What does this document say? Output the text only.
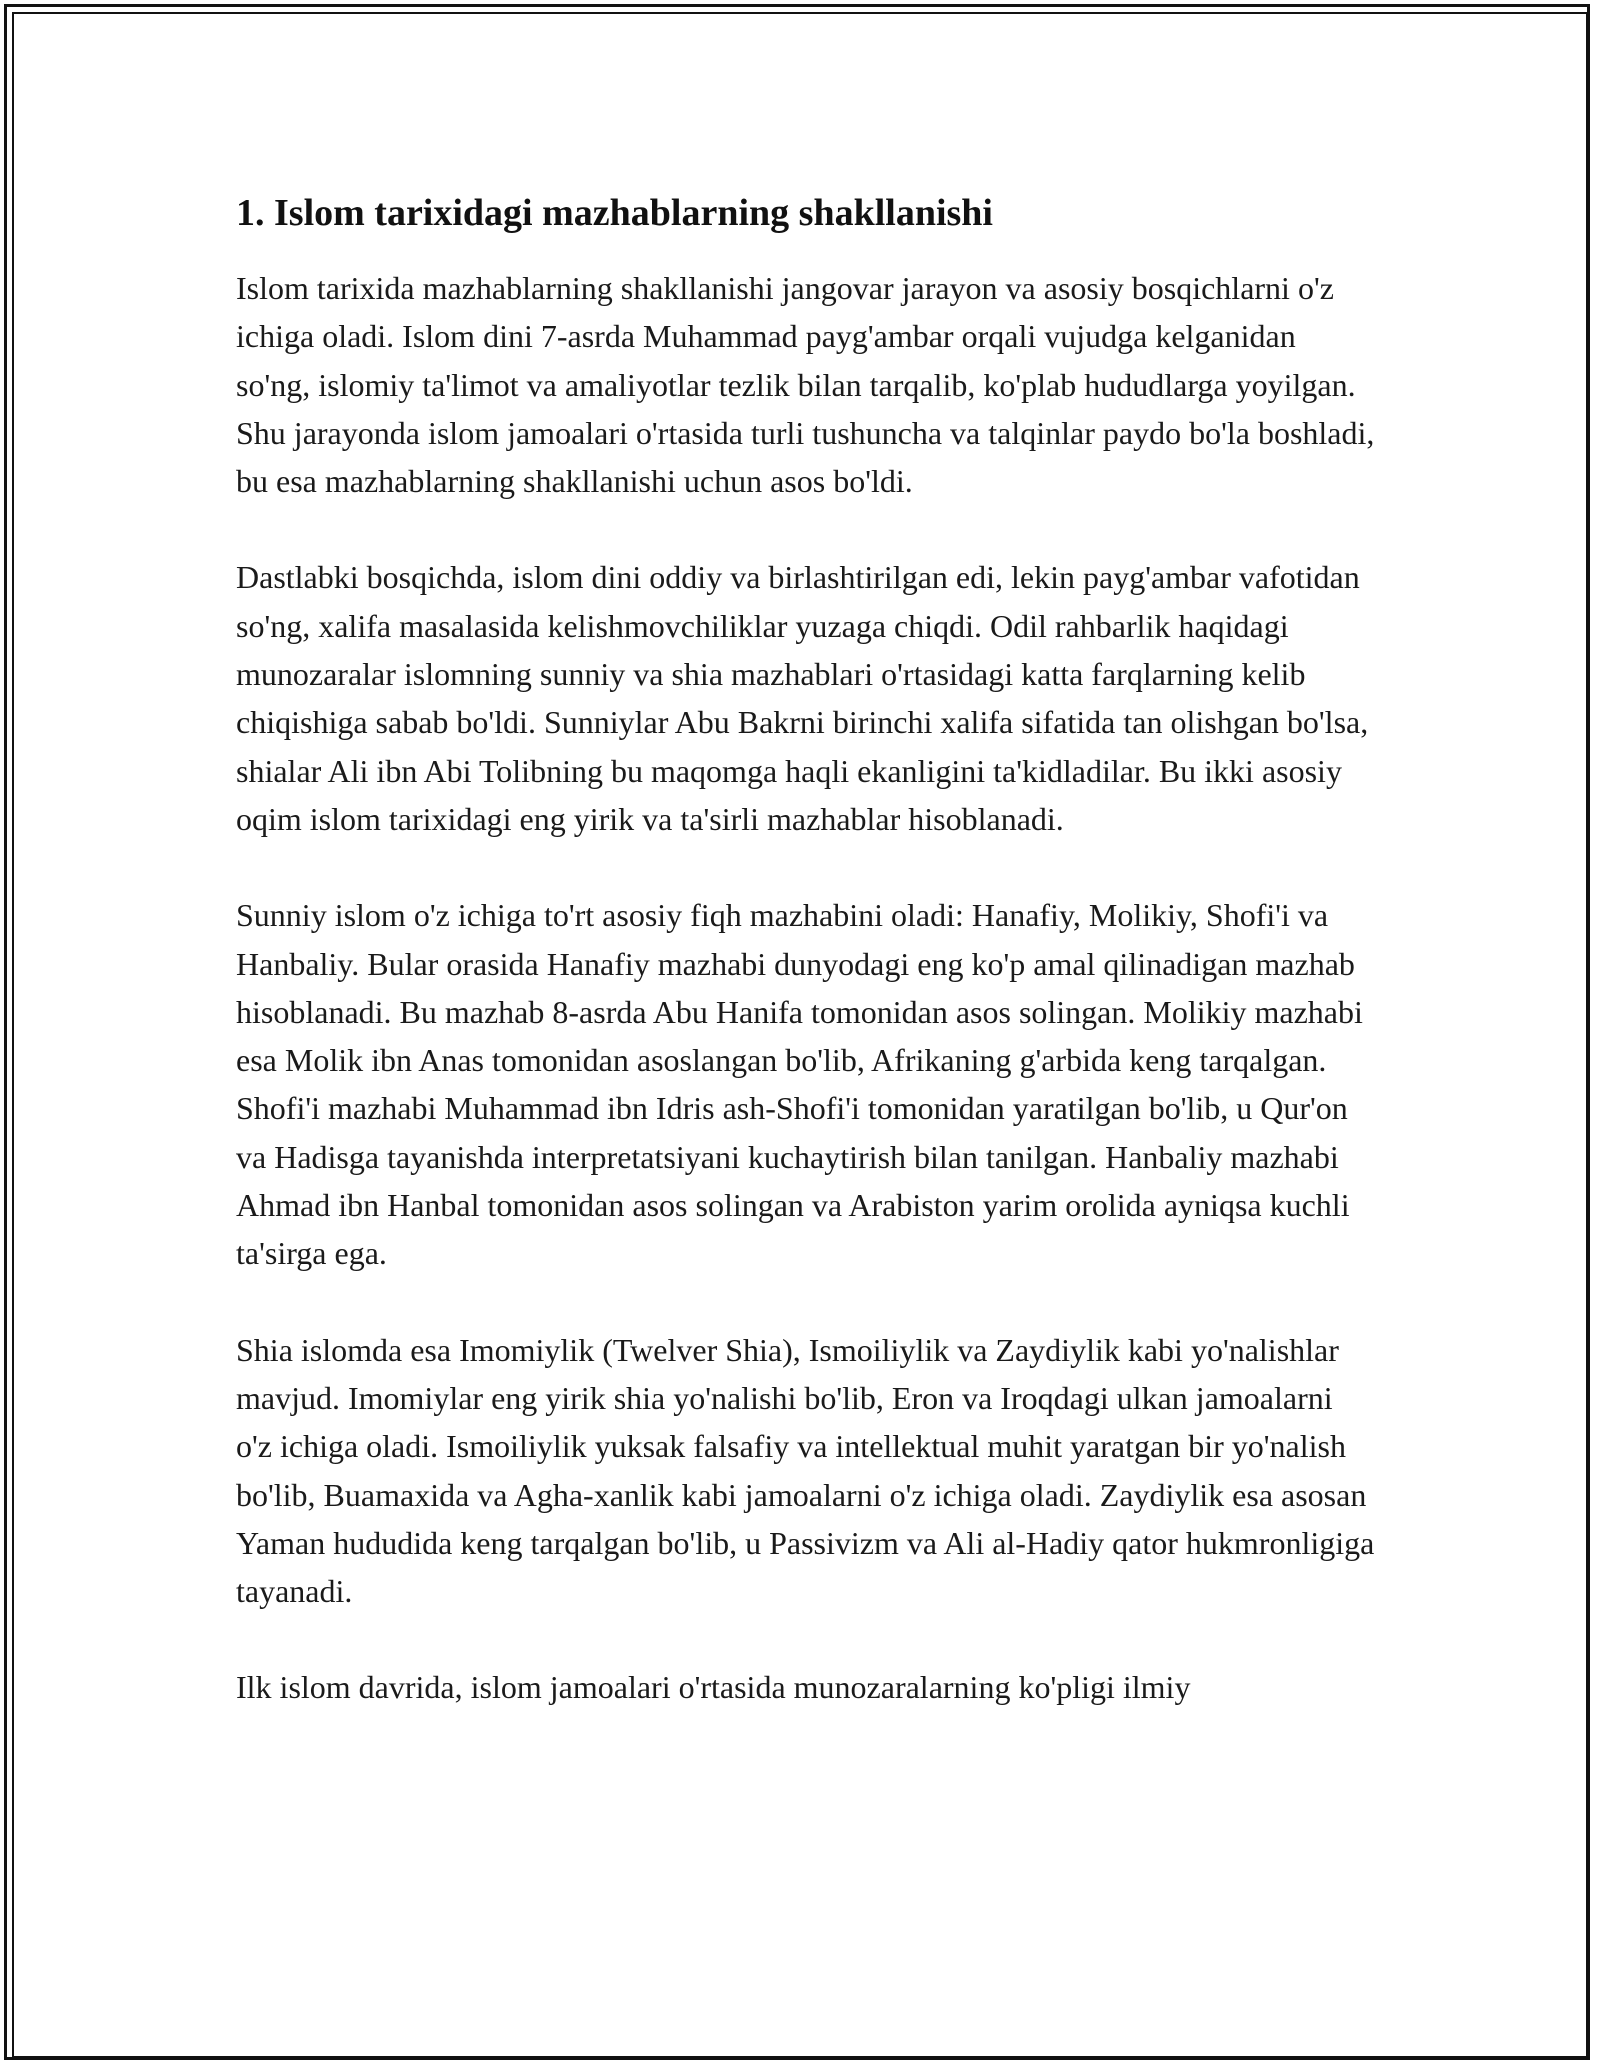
1. Islom tarixidagi mazhablarning shakllanishi

Islom tarixida mazhablarning shakllanishi jangovar jarayon va asosiy bosqichlarni o'z ichiga oladi. Islom dini 7-asrda Muhammad payg'ambar orqali vujudga kelganidan so'ng, islomiy ta'limot va amaliyotlar tezlik bilan tarqalib, ko'plab hududlarga yoyilgan. Shu jarayonda islom jamoalari o'rtasida turli tushuncha va talqinlar paydo bo'la boshladi, bu esa mazhablarning shakllanishi uchun asos bo'ldi.

Dastlabki bosqichda, islom dini oddiy va birlashtirilgan edi, lekin payg'ambar vafotidan so'ng, xalifa masalasida kelishmovchiliklar yuzaga chiqdi. Odil rahbarlik haqidagi munozaralar islomning sunniy va shia mazhablari o'rtasidagi katta farqlarning kelib chiqishiga sabab bo'ldi. Sunniylar Abu Bakrni birinchi xalifa sifatida tan olishgan bo'lsa, shialar Ali ibn Abi Tolibning bu maqomga haqli ekanligini ta'kidladilar. Bu ikki asosiy oqim islom tarixidagi eng yirik va ta'sirli mazhablar hisoblanadi.

Sunniy islom o'z ichiga to'rt asosiy fiqh mazhabini oladi: Hanafiy, Molikiy, Shofi'i va Hanbaliy. Bular orasida Hanafiy mazhabi dunyodagi eng ko'p amal qilinadigan mazhab hisoblanadi. Bu mazhab 8-asrda Abu Hanifa tomonidan asos solingan. Molikiy mazhabi esa Molik ibn Anas tomonidan asoslangan bo'lib, Afrikaning g'arbida keng tarqalgan. Shofi'i mazhabi Muhammad ibn Idris ash-Shofi'i tomonidan yaratilgan bo'lib, u Qur'on va Hadisga tayanishda interpretatsiyani kuchaytirish bilan tanilgan. Hanbaliy mazhabi Ahmad ibn Hanbal tomonidan asos solingan va Arabiston yarim orolida ayniqsa kuchli ta'sirga ega.

Shia islomda esa Imomiylik (Twelver Shia), Ismoiliylik va Zaydiylik kabi yo'nalishlar mavjud. Imomiylar eng yirik shia yo'nalishi bo'lib, Eron va Iroqdagi ulkan jamoalarni o'z ichiga oladi. Ismoiliylik yuksak falsafiy va intellektual muhit yaratgan bir yo'nalish bo'lib, Buamaxida va Agha-xanlik kabi jamoalarni o'z ichiga oladi. Zaydiylik esa asosan Yaman hududida keng tarqalgan bo'lib, u Passivizm va Ali al-Hadiy qator hukmronligiga tayanadi.

Ilk islom davrida, islom jamoalari o'rtasida munozaralarning ko'pligi ilmiy
